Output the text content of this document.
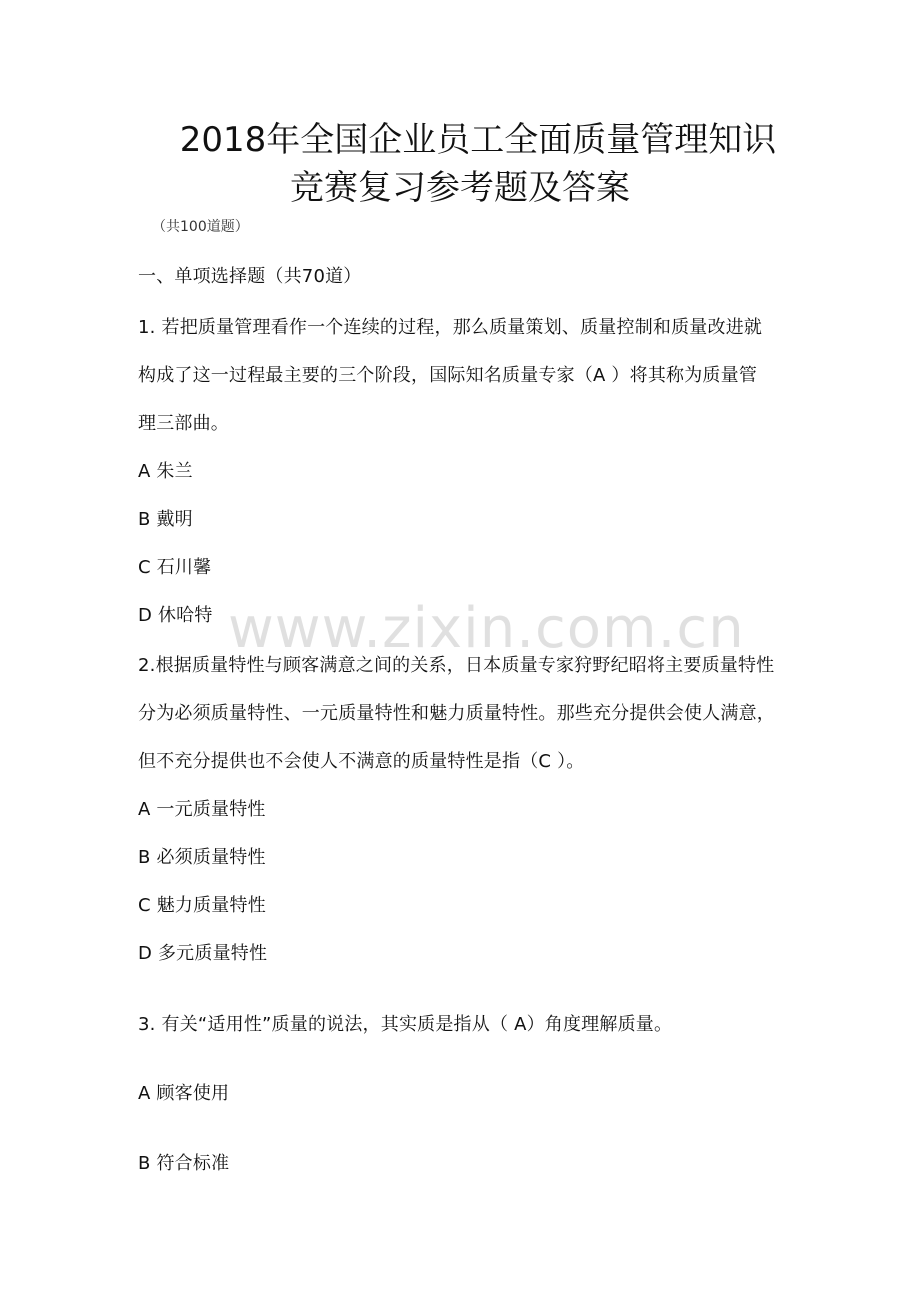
2018年全国企业员工全面质量管理知识
竞赛复习参考题及答案
（共100道题）
一、单项选择题（共70道）
1. 若把质量管理看作一个连续的过程，那么质量策划、质量控制和质量改进就
构成了这一过程最主要的三个阶段，国际知名质量专家（A ）将其称为质量管
理三部曲。
A 朱兰
B 戴明
C 石川馨
D 休哈特
2.根据质量特性与顾客满意之间的关系，日本质量专家狩野纪昭将主要质量特性
分为必须质量特性、一元质量特性和魅力质量特性。那些充分提供会使人满意，
但不充分提供也不会使人不满意的质量特性是指（C ）。
A 一元质量特性
B 必须质量特性
C 魅力质量特性
D 多元质量特性
3. 有关“适用性”质量的说法，其实质是指从（ A）角度理解质量。
A 顾客使用
B 符合标准
www.zixin.com.cn
